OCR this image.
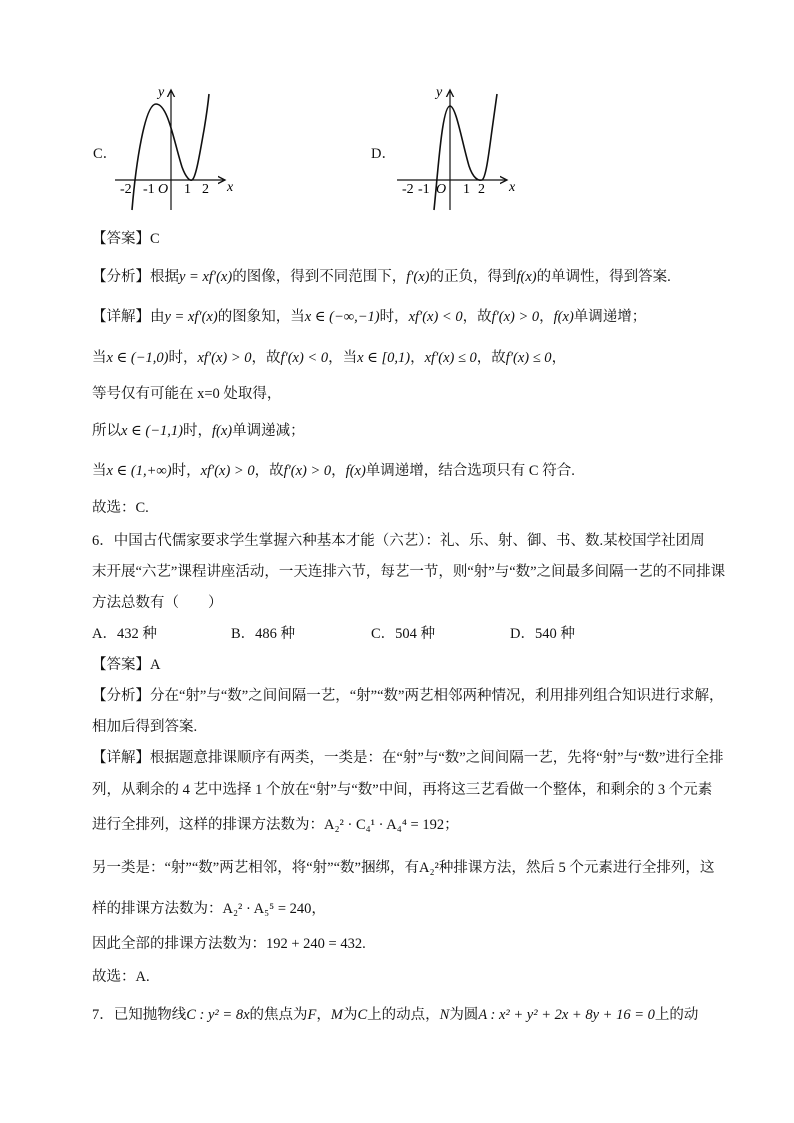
C．
y
x
O
-2 -1 1 2
D．
y
x
O
-2 -1 1 2
【答案】C
【分析】根据y = xf′(x)的图像，得到不同范围下，f′(x)的正负，得到f(x)的单调性，得到答案.
【详解】由y = xf′(x)的图象知，当x ∈ (−∞,−1)时，xf′(x) < 0，故f′(x) > 0，f(x)单调递增；
当x ∈ (−1,0)时，xf′(x) > 0，故f′(x) < 0，当x ∈ [0,1)，xf′(x) ≤ 0，故f′(x) ≤ 0，
等号仅有可能在 x=0 处取得，
所以x ∈ (−1,1)时，f(x)单调递减；
当x ∈ (1,+∞)时，xf′(x) > 0，故f′(x) > 0，f(x)单调递增，结合选项只有 C 符合.
故选：C.
6．中国古代儒家要求学生掌握六种基本才能（六艺）：礼、乐、射、御、书、数.某校国学社团周
末开展“六艺”课程讲座活动，一天连排六节，每艺一节，则“射”与“数”之间最多间隔一艺的不同排课
方法总数有（　　）
A．432 种	B．486 种	C．504 种	D．540 种
【答案】A
【分析】分在“射”与“数”之间间隔一艺，“射”“数”两艺相邻两种情况，利用排列组合知识进行求解，
相加后得到答案.
【详解】根据题意排课顺序有两类，一类是：在“射”与“数”之间间隔一艺，先将“射”与“数”进行全排
列，从剩余的 4 艺中选择 1 个放在“射”与“数”中间，再将这三艺看做一个整体，和剩余的 3 个元素
进行全排列，这样的排课方法数为：A₂² · C₄¹ · A₄⁴ = 192；
另一类是：“射”“数”两艺相邻，将“射”“数”捆绑，有A₂²种排课方法，然后 5 个元素进行全排列，这
样的排课方法数为：A₂² · A₅⁵ = 240，
因此全部的排课方法数为：192 + 240 = 432.
故选：A.
7．已知抛物线C : y² = 8x的焦点为F，M为C上的动点，N为圆A : x² + y² + 2x + 8y + 16 = 0上的动
